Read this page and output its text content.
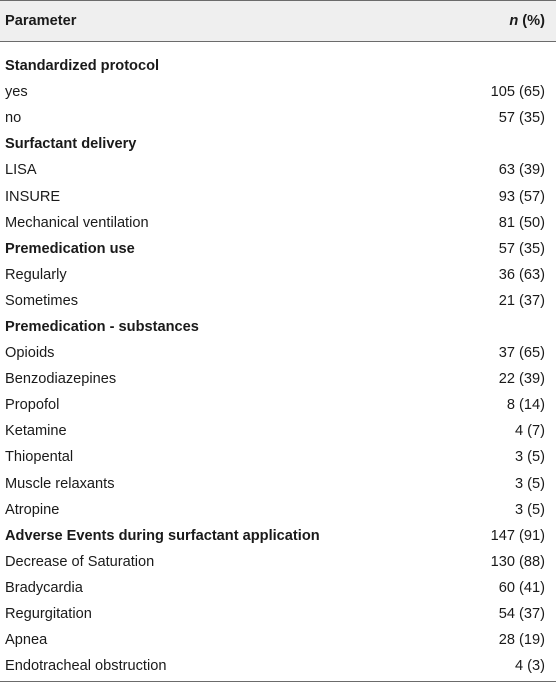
Parameter	n (%)
Standardized protocol
yes	105 (65)
no	57 (35)
Surfactant delivery
LISA	63 (39)
INSURE	93 (57)
Mechanical ventilation	81 (50)
Premedication use	57 (35)
Regularly	36 (63)
Sometimes	21 (37)
Premedication - substances
Opioids	37 (65)
Benzodiazepines	22 (39)
Propofol	8 (14)
Ketamine	4 (7)
Thiopental	3 (5)
Muscle relaxants	3 (5)
Atropine	3 (5)
Adverse Events during surfactant application	147 (91)
Decrease of Saturation	130 (88)
Bradycardia	60 (41)
Regurgitation	54 (37)
Apnea	28 (19)
Endotracheal obstruction	4 (3)
